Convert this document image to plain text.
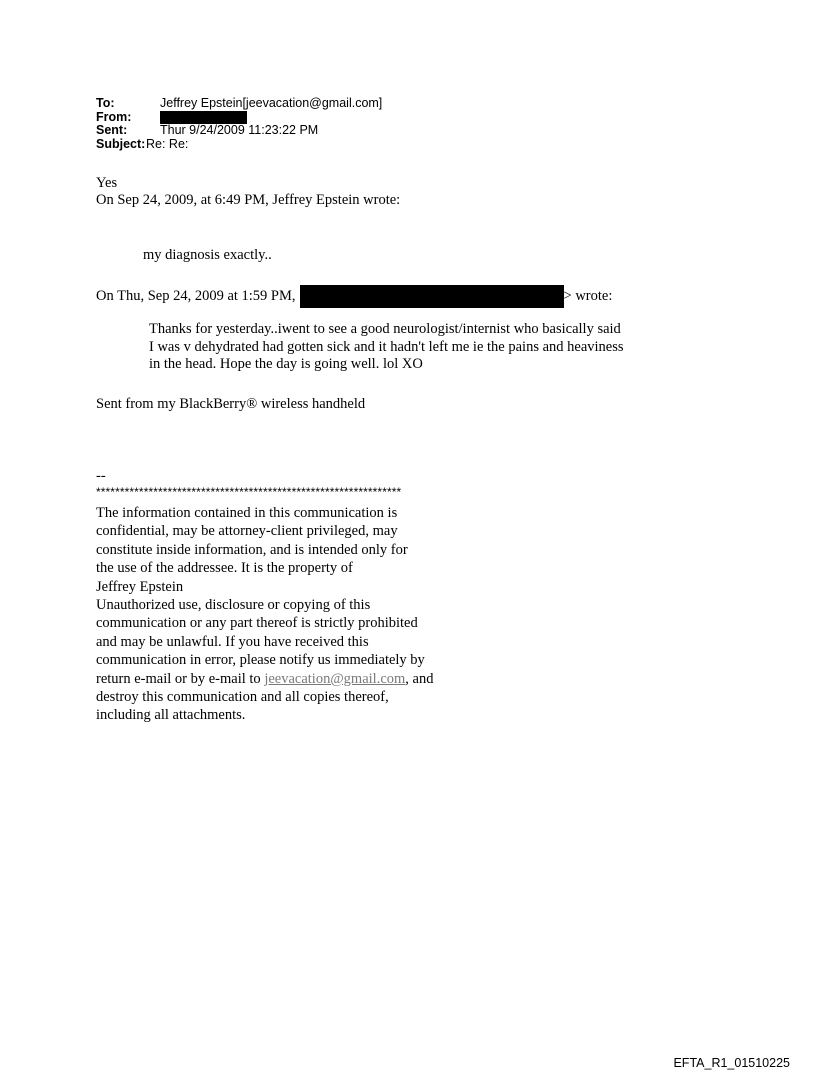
To:	Jeffrey Epstein[jeevacation@gmail.com]
From:
Sent:	Thur 9/24/2009 11:23:22 PM
Subject: Re: Re:
Yes
On Sep 24, 2009, at 6:49 PM, Jeffrey Epstein wrote:
my diagnosis exactly..
On Thu, Sep 24, 2009 at 1:59 PM,	> wrote:
Thanks for yesterday..iwent to see a good neurologist/internist who basically said
I was v dehydrated had gotten sick and it hadn't left me ie the pains and heaviness
in the head. Hope the day is going well. lol XO
Sent from my BlackBerry® wireless handheld
--
****************************************************************
The information contained in this communication is
confidential, may be attorney-client privileged, may
constitute inside information, and is intended only for
the use of the addressee. It is the property of
Jeffrey Epstein
Unauthorized use, disclosure or copying of this
communication or any part thereof is strictly prohibited
and may be unlawful. If you have received this
communication in error, please notify us immediately by
return e-mail or by e-mail to jeevacation@gmail.com, and
destroy this communication and all copies thereof,
including all attachments.
EFTA_R1_01510225
